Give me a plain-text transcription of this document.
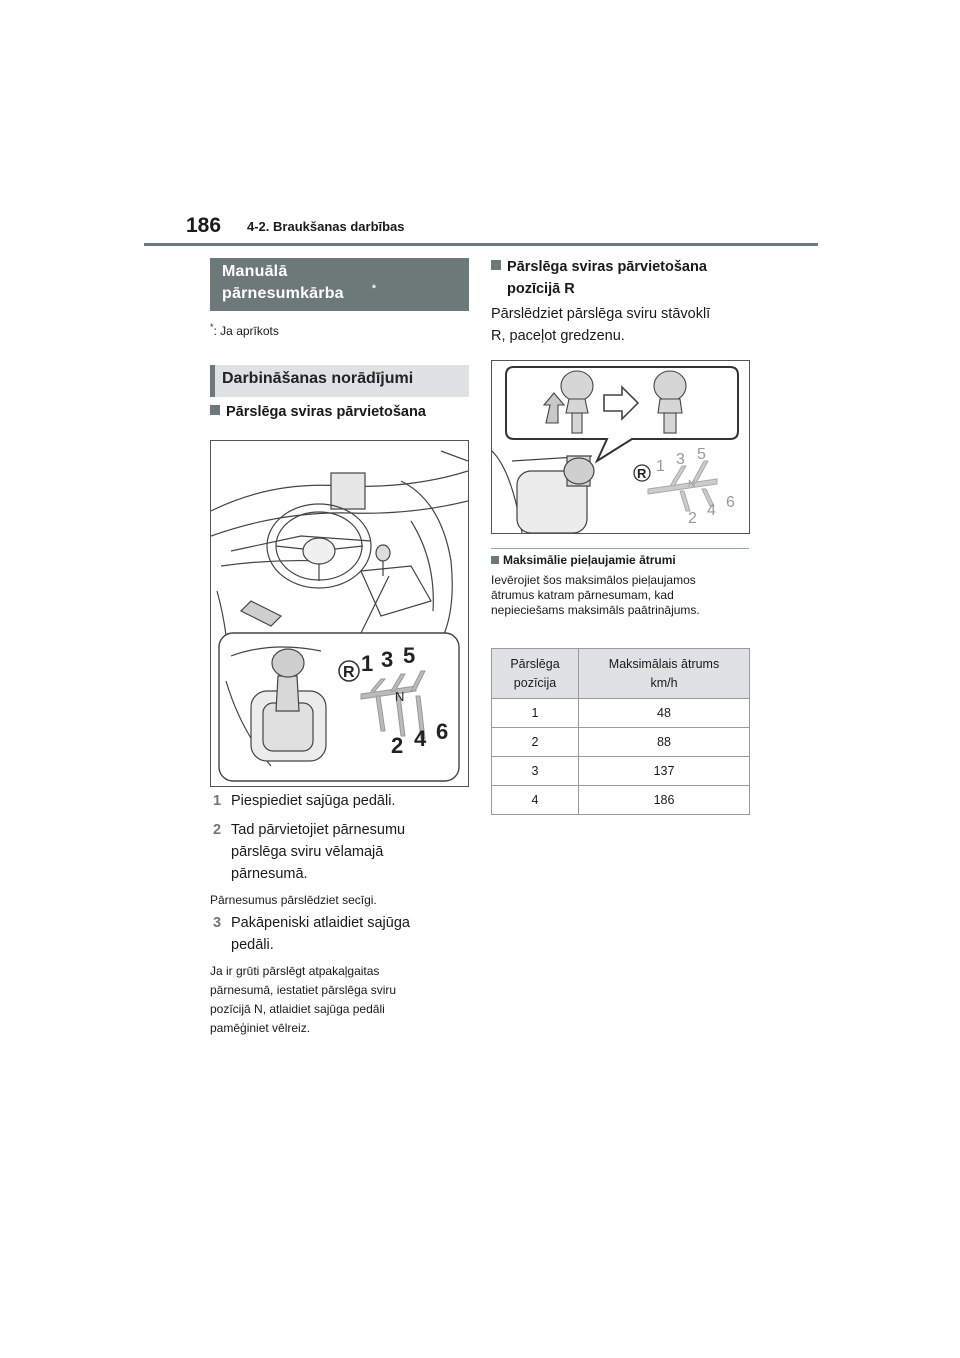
186 4-2. Braukšanas darbības
Manuālā pārnesumkārba	*
*: Ja aprīkots
Darbināšanas norādījumi
Pārslēga sviras pārvietošana
R 1 3 5
N
2 4 6
1 Piespiediet sajūga pedāli.
2 Tad pārvietojiet pārnesumu
pārslēga sviru vēlamajā
pārnesumā.
Pārnesumus pārslēdziet secīgi.
3 Pakāpeniski atlaidiet sajūga
pedāli.
Ja ir grūti pārslēgt atpakaļgaitas
pārnesumā, iestatiet pārslēga sviru
pozīcijā N, atlaidiet sajūga pedāli
pamēģiniet vēlreiz.
Pārslēga sviras pārvietošana
pozīcijā R
Pārslēdziet pārslēga sviru stāvoklī
R, paceļot gredzenu.
R 1 3 5
N
2 4 6
Maksimālie pieļaujamie ātrumi
Ievērojiet šos maksimālos pieļaujamos
ātrumus katram pārnesumam, kad
nepieciešams maksimāls paātrinājums.
Pārslēga
pozīcija	Maksimālais ātrums
km/h
1	48
2	88
3	137
4	186
